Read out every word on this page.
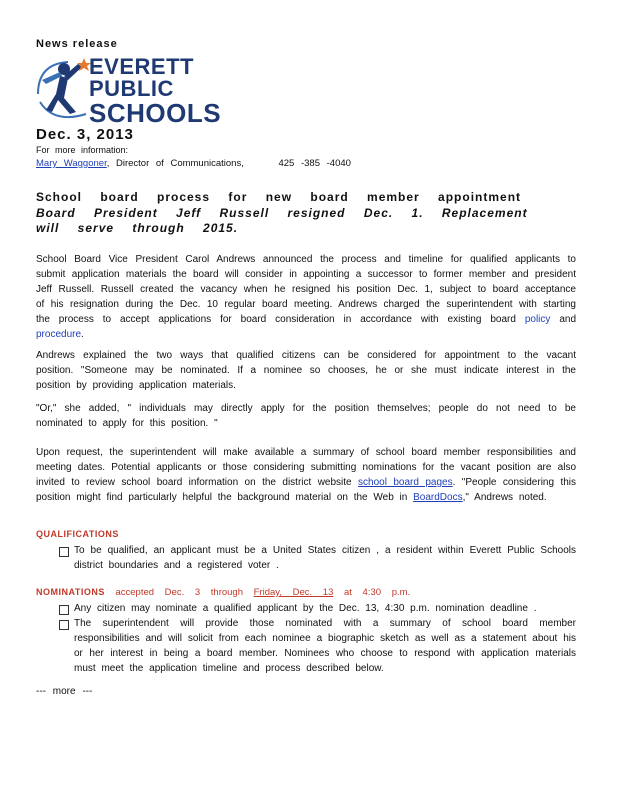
News release
EVERETT
PUBLIC
SCHOOLS
Dec. 3, 2013
For more information:
Mary Waggoner, Director of Communications,	425 -385 -4040
School board process for new board member appointment
Board President Jeff Russell resigned Dec. 1. Replacement will serve through 2015.
School Board Vice President Carol Andrews announced the process and timeline for qualified applicants to submit application materials the board will consider in appointing a successor to former member and president Jeff Russell. Russell created the vacancy when he resigned his position Dec. 1, subject to board acceptance of his resignation during the Dec. 10 regular board meeting. Andrews charged the superintendent with starting the process to accept applications for board consideration in accordance with existing board policy and procedure.
Andrews explained the two ways that qualified citizens can be considered for appointment to the vacant position. "Someone may be nominated. If a nominee so chooses, he or she must indicate interest in the position by providing application materials.
"Or," she added, " individuals may directly apply for the position themselves; people do not need to be nominated to apply for this position. "
Upon request, the superintendent will make available a summary of school board member responsibilities and meeting dates. Potential applicants or those considering submitting nominations for the vacant position are also invited to review school board information on the district website school board pages. "People considering this position might find particularly helpful the background material on the Web in BoardDocs," Andrews noted.
QUALIFICATIONS
To be qualified, an applicant must be a United States citizen , a resident within Everett Public Schools district boundaries and a registered voter .
NOMINATIONS accepted Dec. 3 through Friday, Dec. 13 at 4:30 p.m.
Any citizen may nominate a qualified applicant by the Dec. 13, 4:30 p.m. nomination deadline .
The superintendent will provide those nominated with a summary of school board member responsibilities and will solicit from each nominee a biographic sketch as well as a statement about his or her interest in being a board member. Nominees who choose to respond with application materials must meet the application timeline and process described below.
--- more ---
